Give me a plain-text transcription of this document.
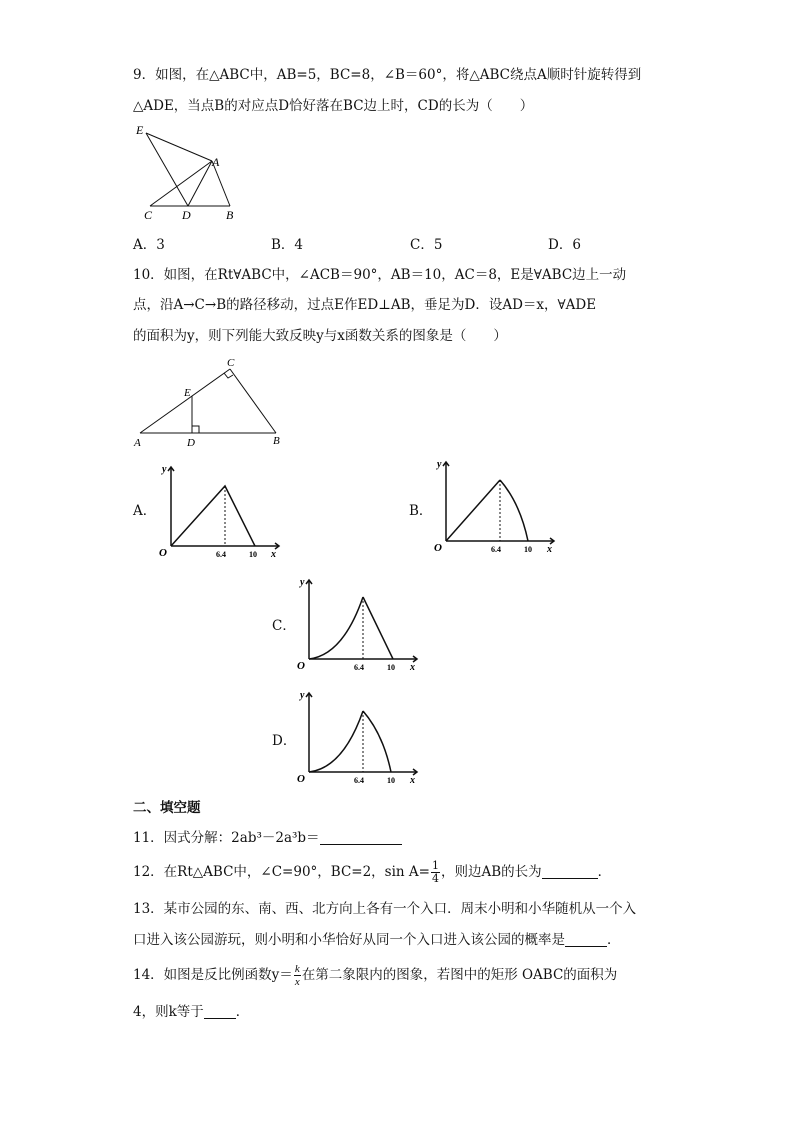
9．如图，在△ABC中，AB=5，BC=8，∠B＝60°，将△ABC绕点A顺时针旋转得到
△ADE，当点B的对应点D恰好落在BC边上时，CD的长为（　　）
E
A
C D	B
A．3	B．4	C．5	D．6
10．如图，在Rt∀ABC中，∠ACB＝90°，AB＝10，AC＝8，E是∀ABC边上一动
点，沿A→C→B的路径移动，过点E作ED⊥AB，垂足为D．设AD＝x，∀ADE
的面积为y，则下列能大致反映y与x函数关系的图象是（　　）
C
E
A	D	B
A．	B．
C．
D．
y
O	6.4	10 x
y
O	6.4	10 x
y
O	6.4	10 x
y
O	6.4	10 x
二、填空题
11．因式分解：2ab³－2a³b＝
12．在Rt△ABC中，∠C=90°，BC=2，$\sin A= \frac{1}{4}$ ，则边AB的长为	．
13．某市公园的东、南、西、北方向上各有一个入口．周末小明和小华随机从一个入
口进入该公园游玩，则小明和小华恰好从同一个入口进入该公园的概率是	．
14．如图是反比例函数$y= \frac{k}{x}$ 在第二象限内的图象，若图中的矩形 OABC的面积为
4，则k等于 ．
